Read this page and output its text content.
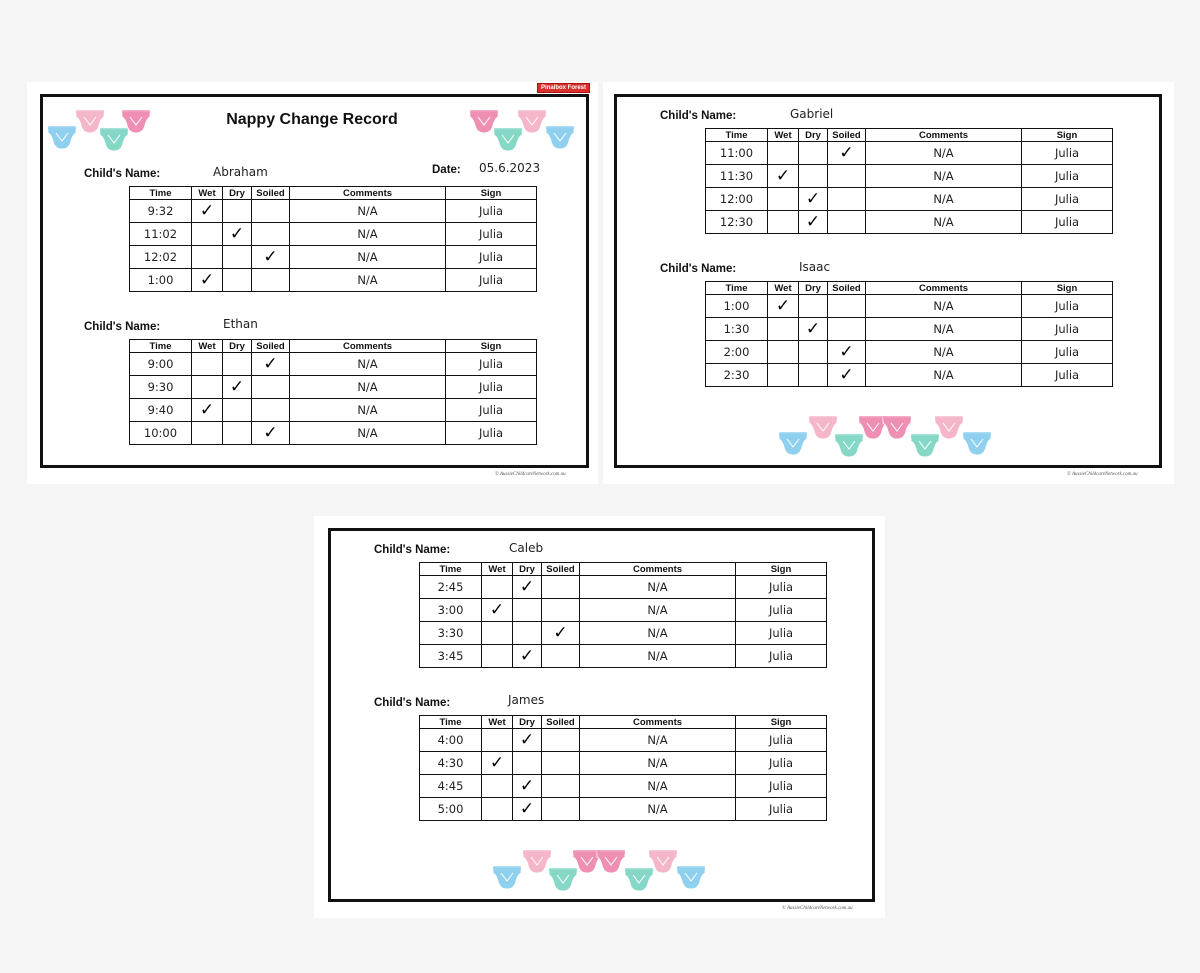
Pinalbox Forest
Nappy Change Record
Child's Name:	Abraham	Date: 05.6.2023
Time	Wet	Dry	Soiled	Comments	Sign
9:32	✓			N/A	Julia
11:02		✓		N/A	Julia
12:02			✓	N/A	Julia
1:00	✓			N/A	Julia
Child's Name:	Ethan
Time	Wet	Dry	Soiled	Comments	Sign
9:00			✓	N/A	Julia
9:30		✓		N/A	Julia
9:40	✓			N/A	Julia
10:00			✓	N/A	Julia
© AussieChildcareNetwork.com.au
Child's Name:	Gabriel
Time	Wet	Dry	Soiled	Comments	Sign
11:00			✓	N/A	Julia
11:30	✓			N/A	Julia
12:00		✓		N/A	Julia
12:30		✓		N/A	Julia
Child's Name:	Isaac
Time	Wet	Dry	Soiled	Comments	Sign
1:00	✓			N/A	Julia
1:30		✓		N/A	Julia
2:00			✓	N/A	Julia
2:30			✓	N/A	Julia
© AussieChildcareNetwork.com.au
Child's Name:	Caleb
Time	Wet	Dry	Soiled	Comments	Sign
2:45		✓		N/A	Julia
3:00	✓			N/A	Julia
3:30			✓	N/A	Julia
3:45		✓		N/A	Julia
Child's Name:	James
Time	Wet	Dry	Soiled	Comments	Sign
4:00		✓		N/A	Julia
4:30	✓			N/A	Julia
4:45		✓		N/A	Julia
5:00		✓		N/A	Julia
© AussieChildcareNetwork.com.au
